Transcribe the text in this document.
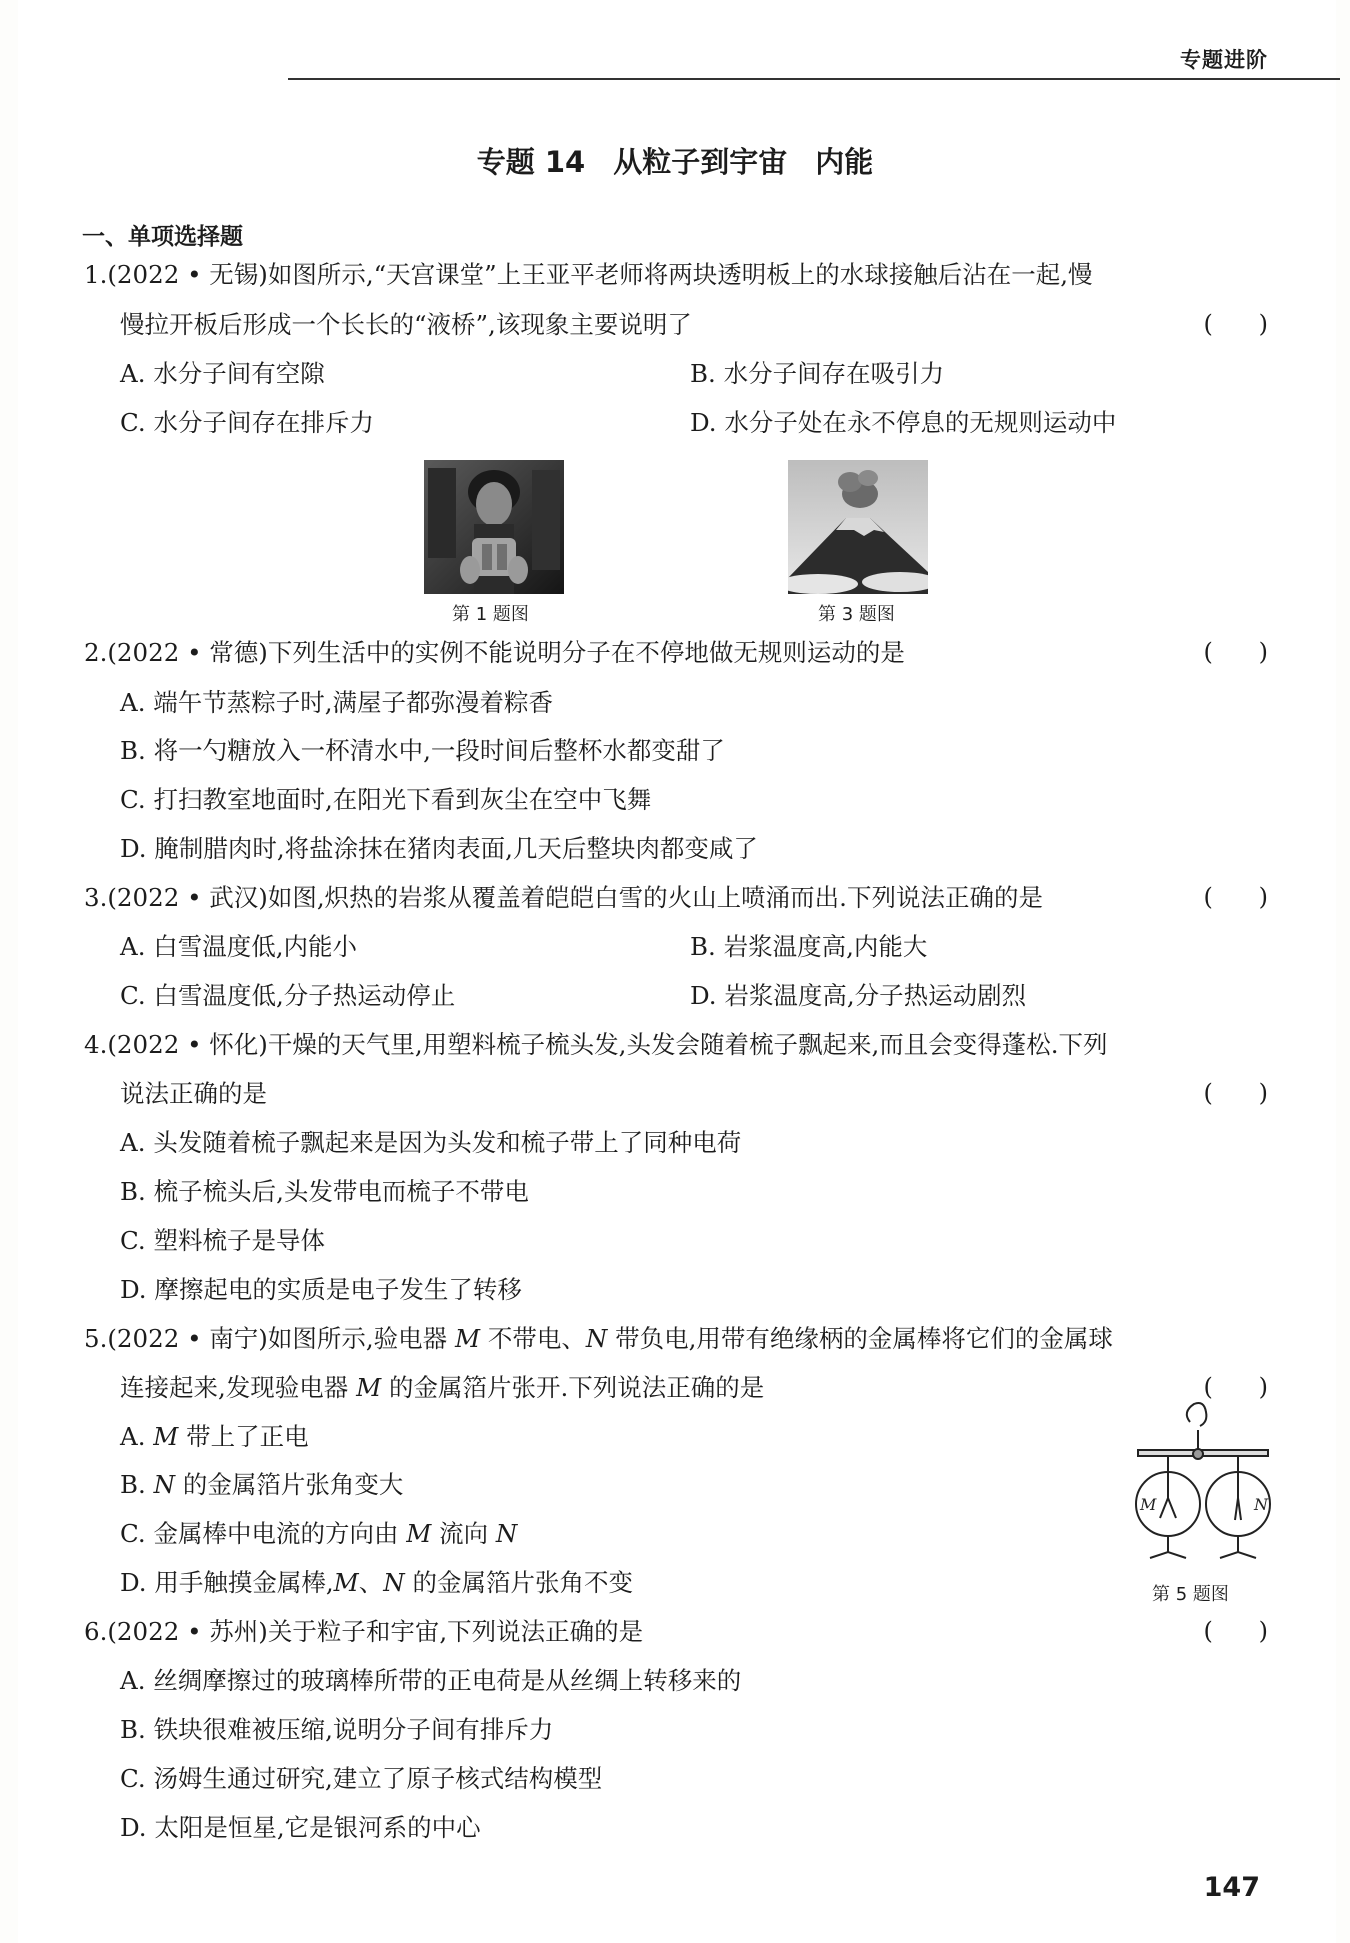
专题进阶
专题 14 从粒子到宇宙 内能
一、单项选择题
1.(2022 • 无锡)如图所示,“天宫课堂”上王亚平老师将两块透明板上的水球接触后沾在一起,慢
慢拉开板后形成一个长长的“液桥”,该现象主要说明了	(      )
A. 水分子间有空隙	B. 水分子间存在吸引力
C. 水分子间存在排斥力	D. 水分子处在永不停息的无规则运动中
第 1 题图	第 3 题图
2.(2022 • 常德)下列生活中的实例不能说明分子在不停地做无规则运动的是	(      )
A. 端午节蒸粽子时,满屋子都弥漫着粽香
B. 将一勺糖放入一杯清水中,一段时间后整杯水都变甜了
C. 打扫教室地面时,在阳光下看到灰尘在空中飞舞
D. 腌制腊肉时,将盐涂抹在猪肉表面,几天后整块肉都变咸了
3.(2022 • 武汉)如图,炽热的岩浆从覆盖着皑皑白雪的火山上喷涌而出.下列说法正确的是	(      )
A. 白雪温度低,内能小	B. 岩浆温度高,内能大
C. 白雪温度低,分子热运动停止	D. 岩浆温度高,分子热运动剧烈
4.(2022 • 怀化)干燥的天气里,用塑料梳子梳头发,头发会随着梳子飘起来,而且会变得蓬松.下列
说法正确的是	(      )
A. 头发随着梳子飘起来是因为头发和梳子带上了同种电荷
B. 梳子梳头后,头发带电而梳子不带电
C. 塑料梳子是导体
D. 摩擦起电的实质是电子发生了转移
5.(2022 • 南宁)如图所示,验电器 M 不带电、N 带负电,用带有绝缘柄的金属棒将它们的金属球
连接起来,发现验电器 M 的金属箔片张开.下列说法正确的是	(      )
A. M 带上了正电
B. N 的金属箔片张角变大
C. 金属棒中电流的方向由 M 流向 N
D. 用手触摸金属棒,M、N 的金属箔片张角不变
M	N
第 5 题图
6.(2022 • 苏州)关于粒子和宇宙,下列说法正确的是	(      )
A. 丝绸摩擦过的玻璃棒所带的正电荷是从丝绸上转移来的
B. 铁块很难被压缩,说明分子间有排斥力
C. 汤姆生通过研究,建立了原子核式结构模型
D. 太阳是恒星,它是银河系的中心
147
